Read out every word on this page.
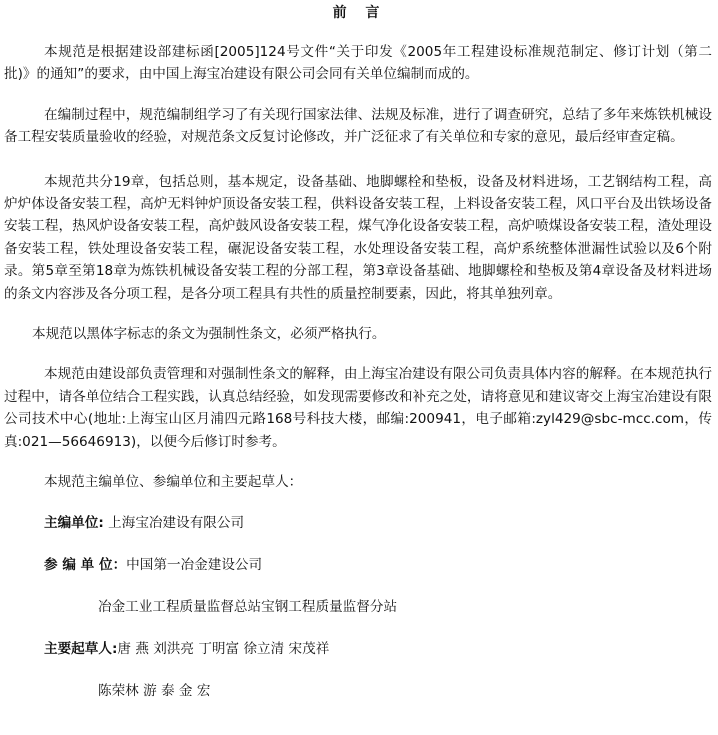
前 言

本规范是根据建设部建标函[2005]124号文件“关于印发《2005年工程建设标准规范制定、修订计划（第二批)》的通知”的要求，由中国上海宝冶建设有限公司会同有关单位编制而成的。

在编制过程中，规范编制组学习了有关现行国家法律、法规及标准，进行了调查研究，总结了多年来炼铁机械设备工程安装质量验收的经验，对规范条文反复讨论修改，并广泛征求了有关单位和专家的意见，最后经审查定稿。

本规范共分19章，包括总则，基本规定，设备基础、地脚螺栓和垫板，设备及材料进场，工艺钢结构工程，高炉炉体设备安装工程，高炉无料钟炉顶设备安装工程，供料设备安装工程，上料设备安装工程，风口平台及出铁场设备安装工程，热风炉设备安装工程，高炉鼓风设备安装工程，煤气净化设备安装工程，高炉喷煤设备安装工程，渣处理设备安装工程，铁处理设备安装工程，碾泥设备安装工程，水处理设备安装工程，高炉系统整体泄漏性试验以及6个附录。第5章至第18章为炼铁机械设备安装工程的分部工程，第3章设备基础、地脚螺栓和垫板及第4章设备及材料进场的条文内容涉及各分项工程，是各分项工程具有共性的质量控制要素，因此，将其单独列章。

本规范以黑体字标志的条文为强制性条文，必须严格执行。

本规范由建设部负责管理和对强制性条文的解释，由上海宝冶建设有限公司负责具体内容的解释。在本规范执行过程中，请各单位结合工程实践，认真总结经验，如发现需要修改和补充之处，请将意见和建议寄交上海宝冶建设有限公司技术中心(地址:上海宝山区月浦四元路168号科技大楼，邮编:200941，电子邮箱:zyl429@sbc-mcc.com，传真:021—56646913)，以便今后修订时参考。

本规范主编单位、参编单位和主要起草人：

主编单位: 上海宝冶建设有限公司

参 编 单 位：中国第一冶金建设公司

冶金工业工程质量监督总站宝钢工程质量监督分站

主要起草人:唐 燕 刘洪亮 丁明富 徐立清 宋茂祥

陈荣林 游 泰 金 宏
